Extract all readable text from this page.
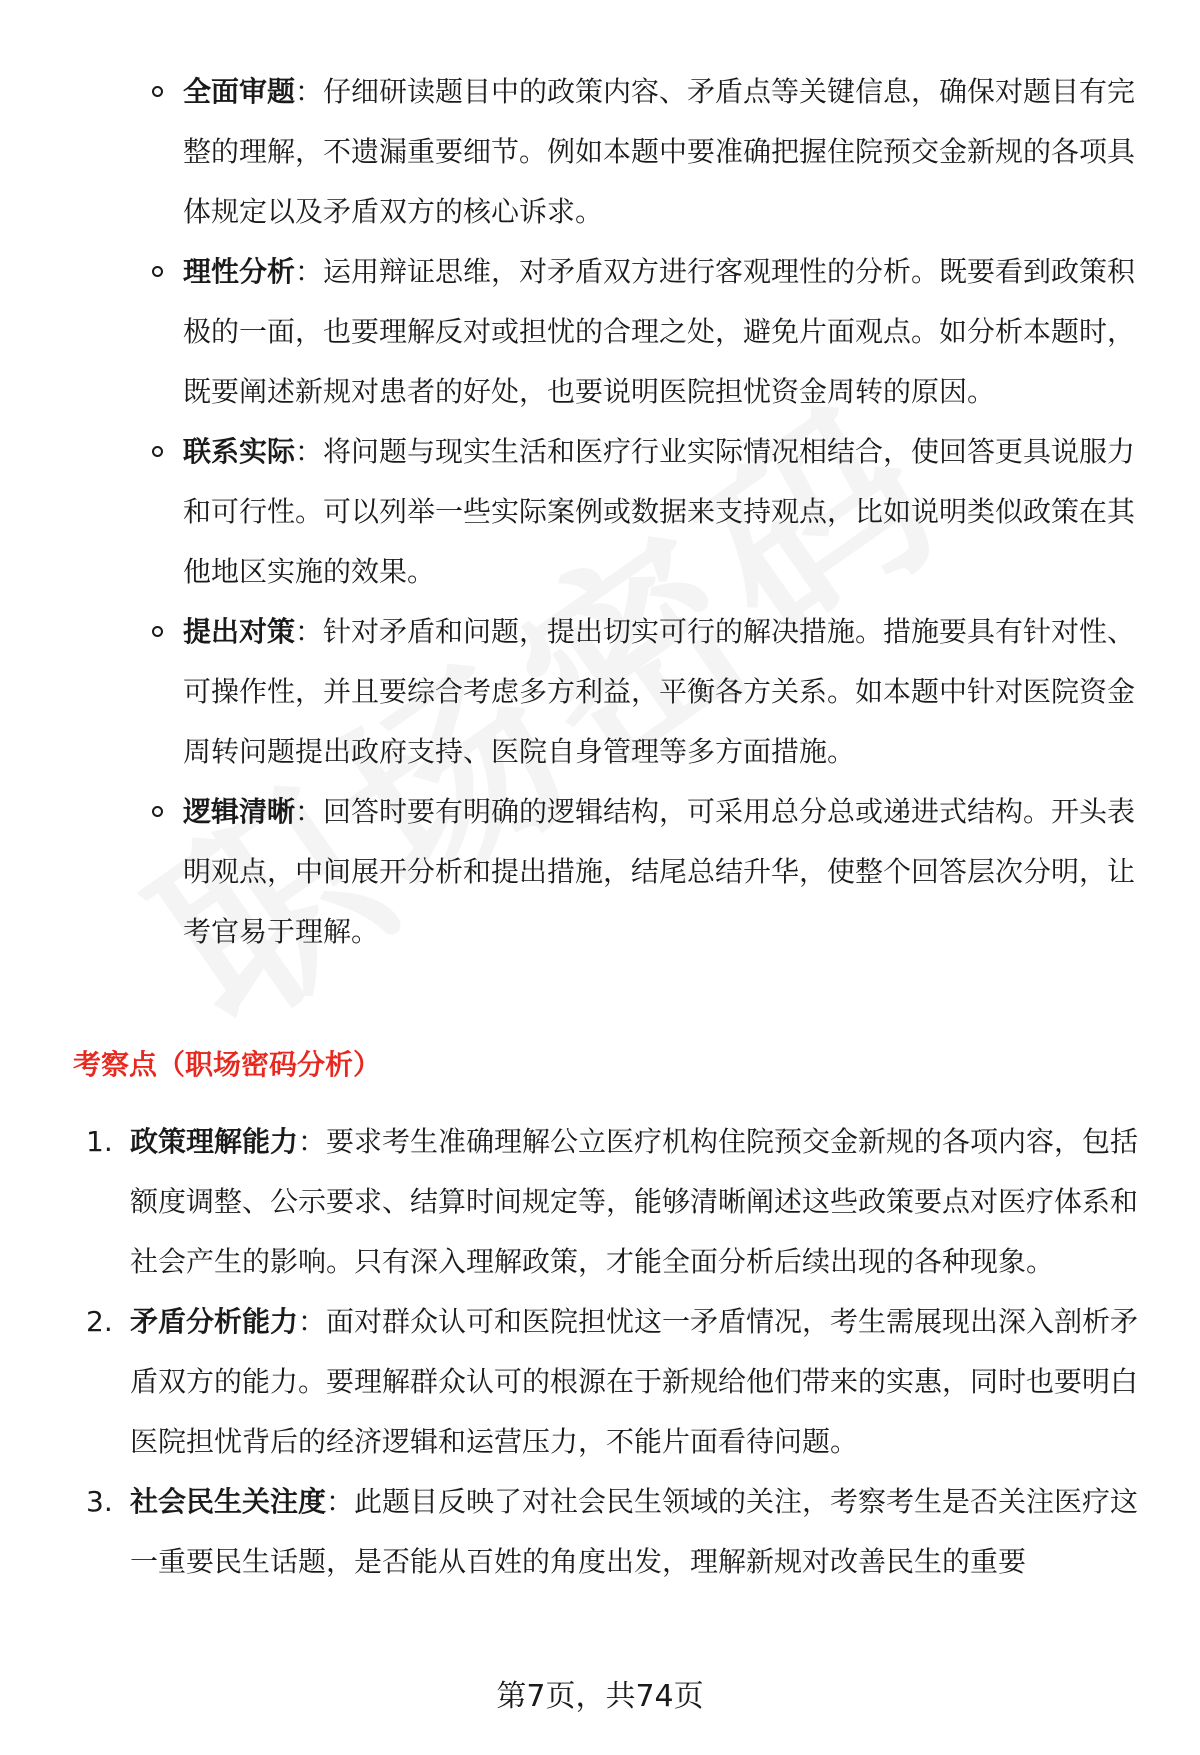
全面审题：仔细研读题目中的政策内容、矛盾点等关键信息，确保对题目有完整的理解，不遗漏重要细节。例如本题中要准确把握住院预交金新规的各项具体规定以及矛盾双方的核心诉求。
理性分析：运用辩证思维，对矛盾双方进行客观理性的分析。既要看到政策积极的一面，也要理解反对或担忧的合理之处，避免片面观点。如分析本题时，既要阐述新规对患者的好处，也要说明医院担忧资金周转的原因。
联系实际：将问题与现实生活和医疗行业实际情况相结合，使回答更具说服力和可行性。可以列举一些实际案例或数据来支持观点，比如说明类似政策在其他地区实施的效果。
提出对策：针对矛盾和问题，提出切实可行的解决措施。措施要具有针对性、可操作性，并且要综合考虑多方利益，平衡各方关系。如本题中针对医院资金周转问题提出政府支持、医院自身管理等多方面措施。
逻辑清晰：回答时要有明确的逻辑结构，可采用总分总或递进式结构。开头表明观点，中间展开分析和提出措施，结尾总结升华，使整个回答层次分明，让考官易于理解。
考察点（职场密码分析）
1. 政策理解能力：要求考生准确理解公立医疗机构住院预交金新规的各项内容，包括额度调整、公示要求、结算时间规定等，能够清晰阐述这些政策要点对医疗体系和社会产生的影响。只有深入理解政策，才能全面分析后续出现的各种现象。
2. 矛盾分析能力：面对群众认可和医院担忧这一矛盾情况，考生需展现出深入剖析矛盾双方的能力。要理解群众认可的根源在于新规给他们带来的实惠，同时也要明白医院担忧背后的经济逻辑和运营压力，不能片面看待问题。
3. 社会民生关注度：此题目反映了对社会民生领域的关注，考察考生是否关注医疗这一重要民生话题，是否能从百姓的角度出发，理解新规对改善民生的重要
第7页，共74页
